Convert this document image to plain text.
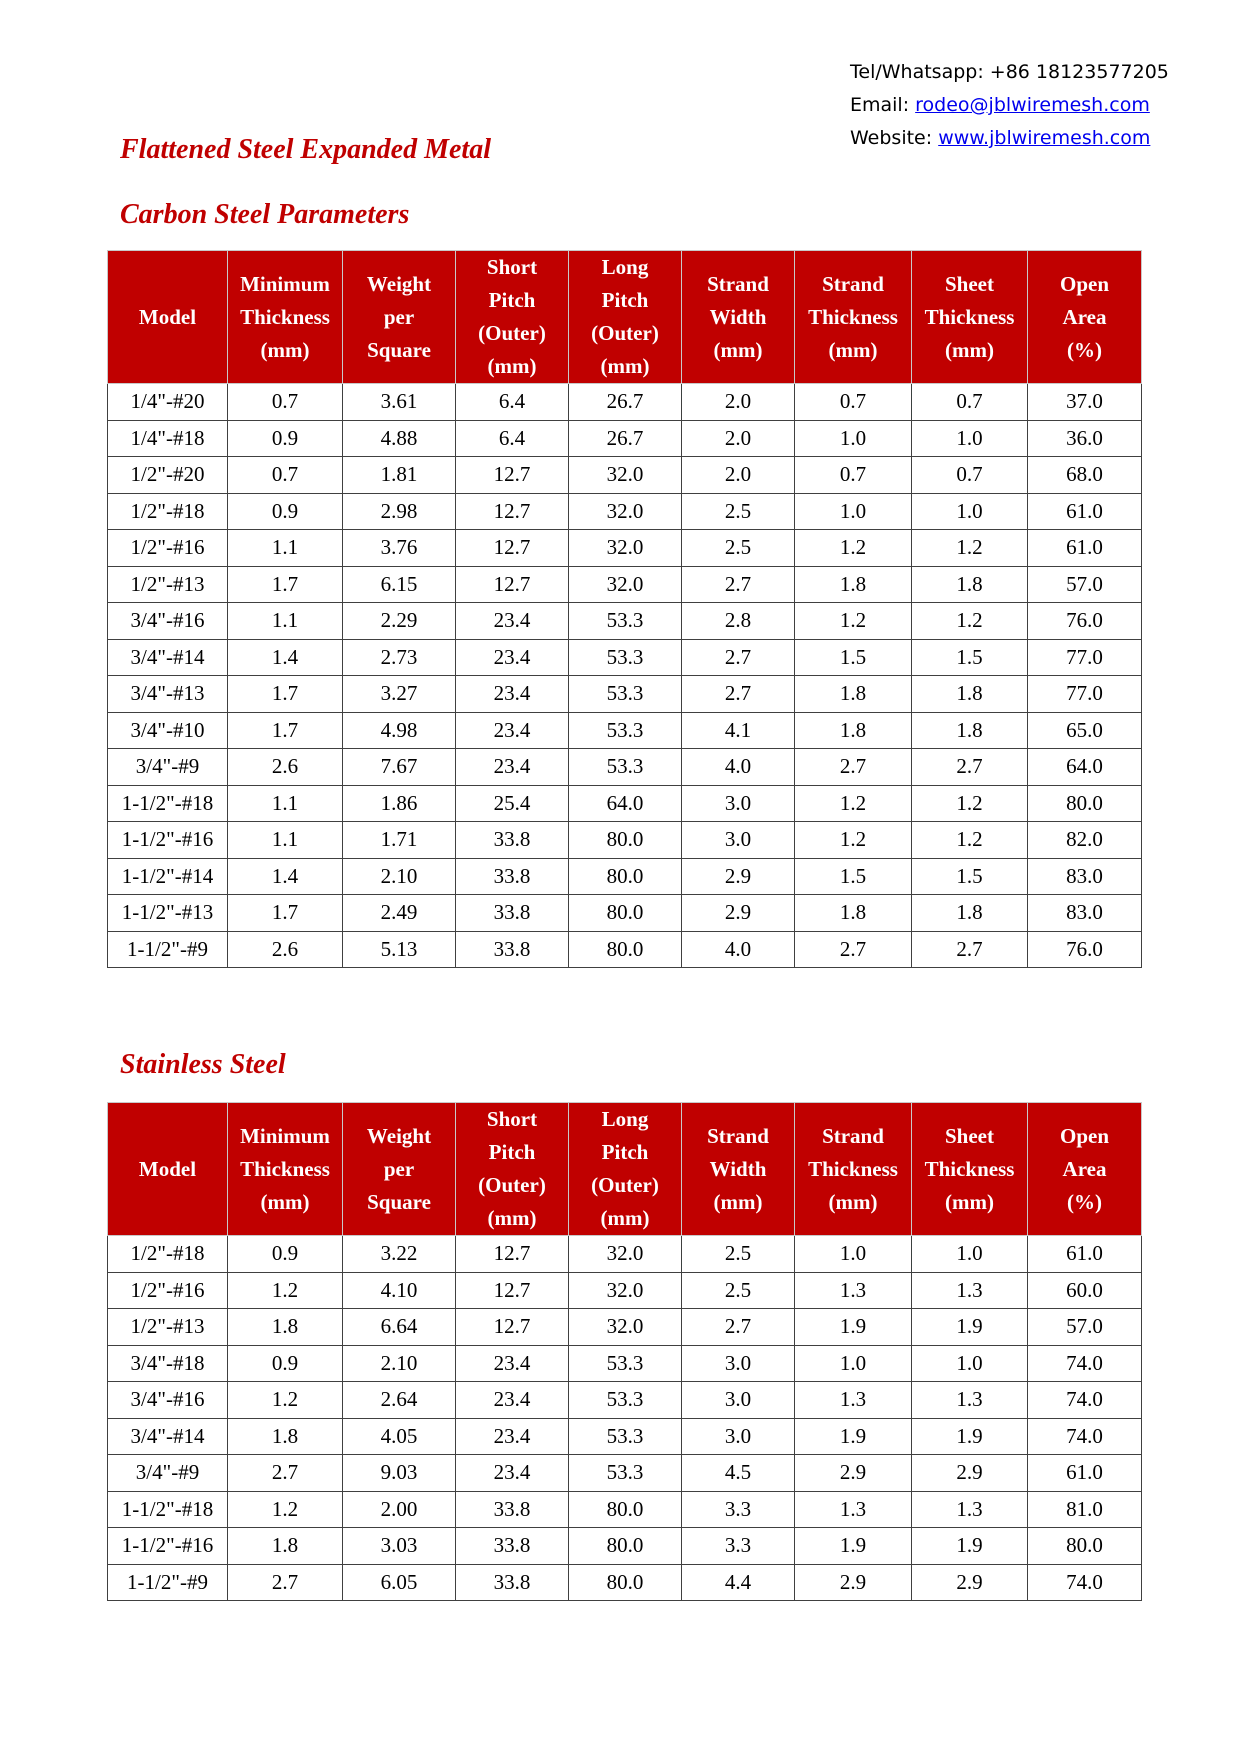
Tel/Whatsapp: +86 18123577205
Email: rodeo@jblwiremesh.com
Website: www.jblwiremesh.com
Flattened Steel Expanded Metal
Carbon Steel Parameters
Model	Minimum
Thickness
(mm)	Weight
per
Square	Short
Pitch
(Outer)
(mm)	Long
Pitch
(Outer)
(mm)	Strand
Width
(mm)	Strand
Thickness
(mm)	Sheet
Thickness
(mm)	Open
Area
(%)

1/4"-#20	0.7	3.61	6.4	26.7	2.0	0.7	0.7	37.0
1/4"-#18	0.9	4.88	6.4	26.7	2.0	1.0	1.0	36.0
1/2"-#20	0.7	1.81	12.7	32.0	2.0	0.7	0.7	68.0
1/2"-#18	0.9	2.98	12.7	32.0	2.5	1.0	1.0	61.0
1/2"-#16	1.1	3.76	12.7	32.0	2.5	1.2	1.2	61.0
1/2"-#13	1.7	6.15	12.7	32.0	2.7	1.8	1.8	57.0
3/4"-#16	1.1	2.29	23.4	53.3	2.8	1.2	1.2	76.0
3/4"-#14	1.4	2.73	23.4	53.3	2.7	1.5	1.5	77.0
3/4"-#13	1.7	3.27	23.4	53.3	2.7	1.8	1.8	77.0
3/4"-#10	1.7	4.98	23.4	53.3	4.1	1.8	1.8	65.0
3/4"-#9	2.6	7.67	23.4	53.3	4.0	2.7	2.7	64.0
1-1/2"-#18	1.1	1.86	25.4	64.0	3.0	1.2	1.2	80.0
1-1/2"-#16	1.1	1.71	33.8	80.0	3.0	1.2	1.2	82.0
1-1/2"-#14	1.4	2.10	33.8	80.0	2.9	1.5	1.5	83.0
1-1/2"-#13	1.7	2.49	33.8	80.0	2.9	1.8	1.8	83.0
1-1/2"-#9	2.6	5.13	33.8	80.0	4.0	2.7	2.7	76.0
Stainless Steel
Model	Minimum
Thickness
(mm)	Weight
per
Square	Short
Pitch
(Outer)
(mm)	Long
Pitch
(Outer)
(mm)	Strand
Width
(mm)	Strand
Thickness
(mm)	Sheet
Thickness
(mm)	Open
Area
(%)

1/2"-#18	0.9	3.22	12.7	32.0	2.5	1.0	1.0	61.0
1/2"-#16	1.2	4.10	12.7	32.0	2.5	1.3	1.3	60.0
1/2"-#13	1.8	6.64	12.7	32.0	2.7	1.9	1.9	57.0
3/4"-#18	0.9	2.10	23.4	53.3	3.0	1.0	1.0	74.0
3/4"-#16	1.2	2.64	23.4	53.3	3.0	1.3	1.3	74.0
3/4"-#14	1.8	4.05	23.4	53.3	3.0	1.9	1.9	74.0
3/4"-#9	2.7	9.03	23.4	53.3	4.5	2.9	2.9	61.0
1-1/2"-#18	1.2	2.00	33.8	80.0	3.3	1.3	1.3	81.0
1-1/2"-#16	1.8	3.03	33.8	80.0	3.3	1.9	1.9	80.0
1-1/2"-#9	2.7	6.05	33.8	80.0	4.4	2.9	2.9	74.0
